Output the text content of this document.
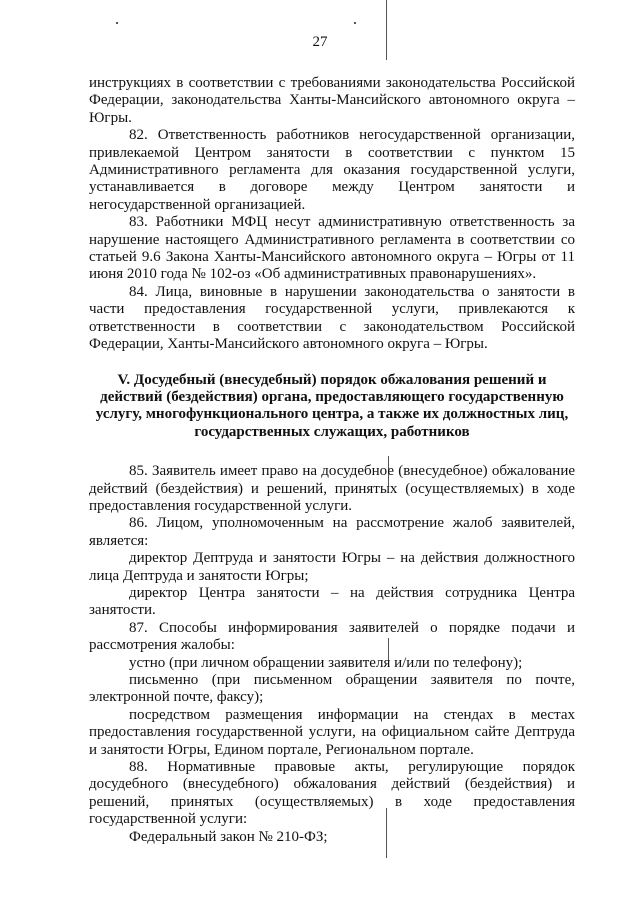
27

инструкциях в соответствии с требованиями законодательства Российской Федерации, законодательства Ханты-Мансийского автономного округа – Югры.

82. Ответственность работников негосударственной организации, привлекаемой Центром занятости в соответствии с пунктом 15 Административного регламента для оказания государственной услуги, устанавливается в договоре между Центром занятости и негосударственной организацией.

83. Работники МФЦ несут административную ответственность за нарушение настоящего Административного регламента в соответствии со статьей 9.6 Закона Ханты-Мансийского автономного округа – Югры от 11 июня 2010 года № 102-оз «Об административных правонарушениях».

84. Лица, виновные в нарушении законодательства о занятости в части предоставления государственной услуги, привлекаются к ответственности в соответствии с законодательством Российской Федерации, Ханты-Мансийского автономного округа – Югры.

V. Досудебный (внесудебный) порядок обжалования решений и действий (бездействия) органа, предоставляющего государственную услугу, многофункционального центра, а также их должностных лиц, государственных служащих, работников

85. Заявитель имеет право на досудебное (внесудебное) обжалование действий (бездействия) и решений, принятых (осуществляемых) в ходе предоставления государственной услуги.

86. Лицом, уполномоченным на рассмотрение жалоб заявителей, является:

директор Дептруда и занятости Югры – на действия должностного лица Дептруда и занятости Югры;

директор Центра занятости – на действия сотрудника Центра занятости.

87. Способы информирования заявителей о порядке подачи и рассмотрения жалобы:

устно (при личном обращении заявителя и/или по телефону);

письменно (при письменном обращении заявителя по почте, электронной почте, факсу);

посредством размещения информации на стендах в местах предоставления государственной услуги, на официальном сайте Дептруда и занятости Югры, Едином портале, Региональном портале.

88. Нормативные правовые акты, регулирующие порядок досудебного (внесудебного) обжалования действий (бездействия) и решений, принятых (осуществляемых) в ходе предоставления государственной услуги:

Федеральный закон № 210-ФЗ;
